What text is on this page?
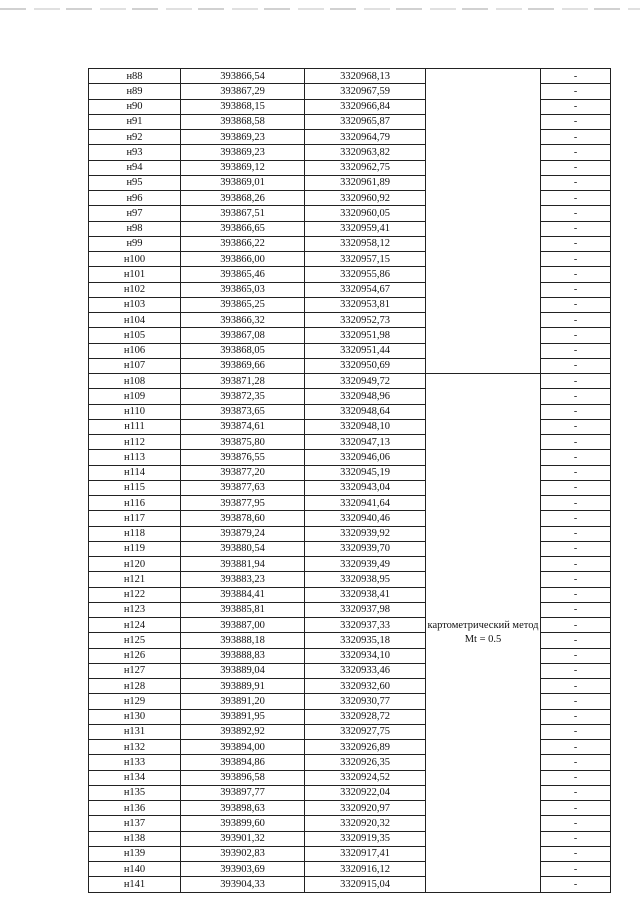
н88	393866,54	3320968,13		-
н89	393867,29	3320967,59		-
н90	393868,15	3320966,84		-
н91	393868,58	3320965,87		-
н92	393869,23	3320964,79		-
н93	393869,23	3320963,82		-
н94	393869,12	3320962,75		-
н95	393869,01	3320961,89		-
н96	393868,26	3320960,92		-
н97	393867,51	3320960,05		-
н98	393866,65	3320959,41		-
н99	393866,22	3320958,12		-
н100	393866,00	3320957,15		-
н101	393865,46	3320955,86		-
н102	393865,03	3320954,67		-
н103	393865,25	3320953,81		-
н104	393866,32	3320952,73		-
н105	393867,08	3320951,98		-
н106	393868,05	3320951,44		-
н107	393869,66	3320950,69		-
н108	393871,28	3320949,72	картометрический метод Mt = 0.5	-
н109	393872,35	3320948,96		-
н110	393873,65	3320948,64		-
н111	393874,61	3320948,10		-
н112	393875,80	3320947,13		-
н113	393876,55	3320946,06		-
н114	393877,20	3320945,19		-
н115	393877,63	3320943,04		-
н116	393877,95	3320941,64		-
н117	393878,60	3320940,46		-
н118	393879,24	3320939,92		-
н119	393880,54	3320939,70		-
н120	393881,94	3320939,49		-
н121	393883,23	3320938,95		-
н122	393884,41	3320938,41		-
н123	393885,81	3320937,98		-
н124	393887,00	3320937,33		-
н125	393888,18	3320935,18		-
н126	393888,83	3320934,10		-
н127	393889,04	3320933,46		-
н128	393889,91	3320932,60		-
н129	393891,20	3320930,77		-
н130	393891,95	3320928,72		-
н131	393892,92	3320927,75		-
н132	393894,00	3320926,89		-
н133	393894,86	3320926,35		-
н134	393896,58	3320924,52		-
н135	393897,77	3320922,04		-
н136	393898,63	3320920,97		-
н137	393899,60	3320920,32		-
н138	393901,32	3320919,35		-
н139	393902,83	3320917,41		-
н140	393903,69	3320916,12		-
н141	393904,33	3320915,04		-
